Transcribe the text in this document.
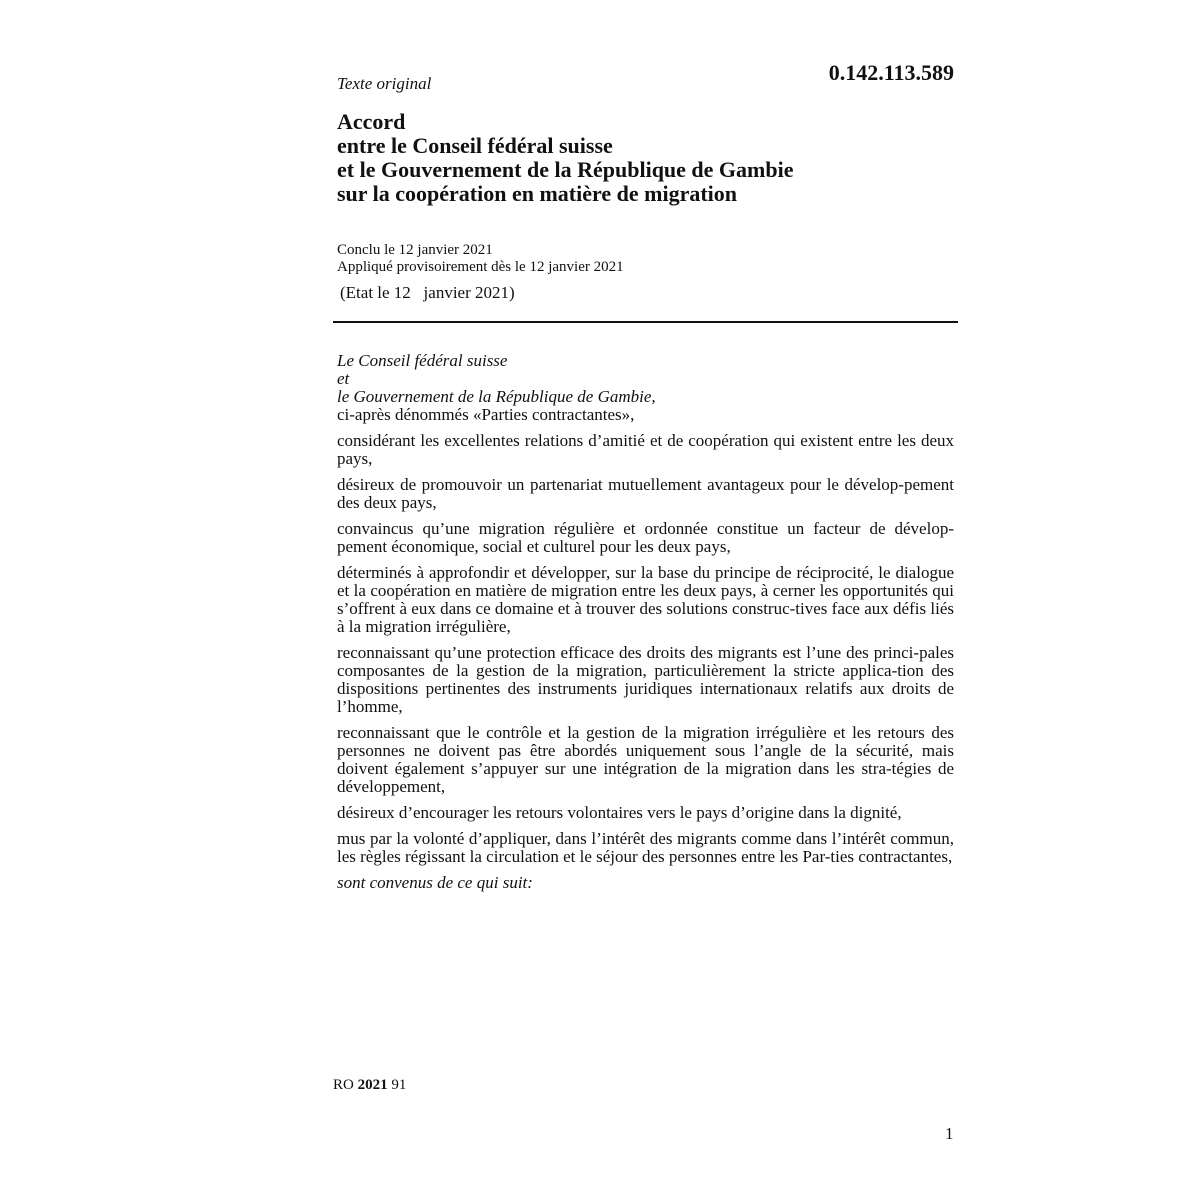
Texte original	0.142.113.589
Accord
entre le Conseil fédéral suisse
et le Gouvernement de la République de Gambie
sur la coopération en matière de migration
Conclu le 12 janvier 2021
Appliqué provisoirement dès le 12 janvier 2021
(Etat le 12   janvier 2021)
Le Conseil fédéral suisse
et
le Gouvernement de la République de Gambie,
ci-après dénommés «Parties contractantes»,

considérant les excellentes relations d’amitié et de coopération qui existent entre les deux pays,

désireux de promouvoir un partenariat mutuellement avantageux pour le dévelop-pement des deux pays,

convaincus qu’une migration régulière et ordonnée constitue un facteur de dévelop-pement économique, social et culturel pour les deux pays,

déterminés à approfondir et développer, sur la base du principe de réciprocité, le dialogue et la coopération en matière de migration entre les deux pays, à cerner les opportunités qui s’offrent à eux dans ce domaine et à trouver des solutions construc-tives face aux défis liés à la migration irrégulière,

reconnaissant qu’une protection efficace des droits des migrants est l’une des princi-pales composantes de la gestion de la migration, particulièrement la stricte applica-tion des dispositions pertinentes des instruments juridiques internationaux relatifs aux droits de l’homme,

reconnaissant que le contrôle et la gestion de la migration irrégulière et les retours des personnes ne doivent pas être abordés uniquement sous l’angle de la sécurité, mais doivent également s’appuyer sur une intégration de la migration dans les stra-tégies de développement,

désireux d’encourager les retours volontaires vers le pays d’origine dans la dignité,

mus par la volonté d’appliquer, dans l’intérêt des migrants comme dans l’intérêt commun, les règles régissant la circulation et le séjour des personnes entre les Par-ties contractantes,

sont convenus de ce qui suit:
RO 2021 91
1
